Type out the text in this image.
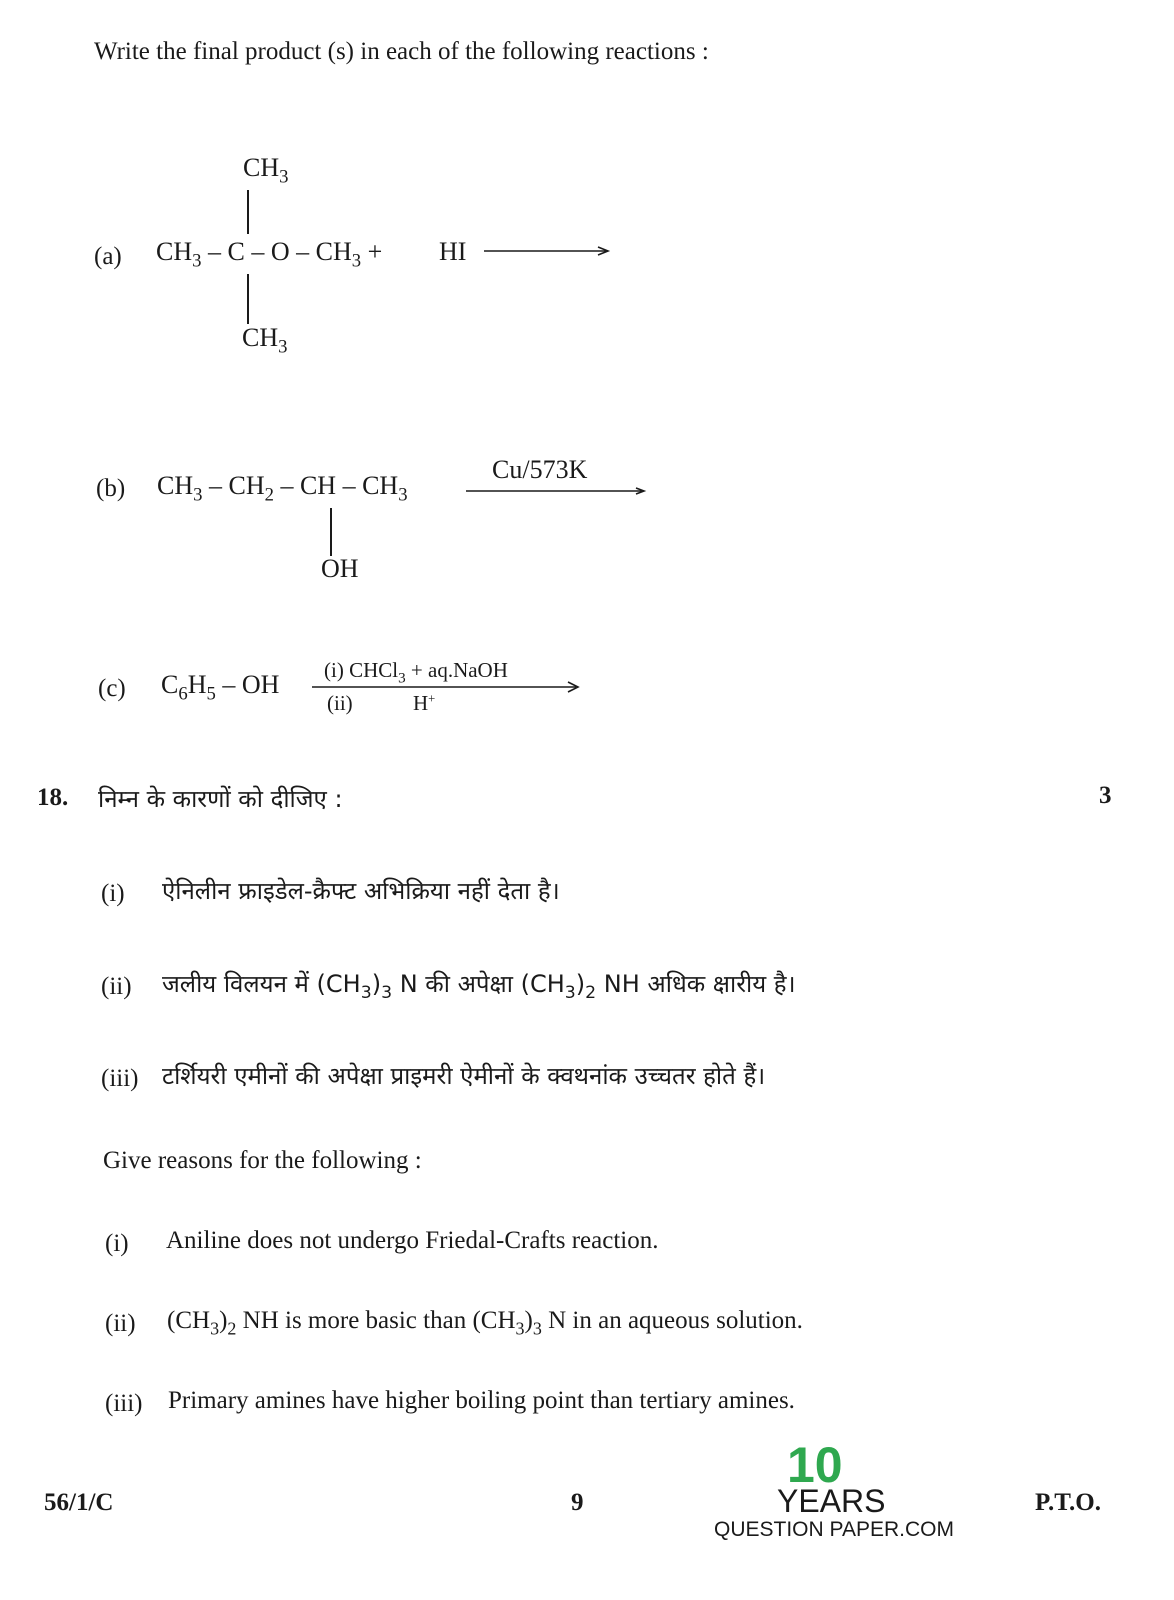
Write the final product (s) in each of the following reactions :
(a)
$CH_3$
$CH_3$ – C – O – $CH_3$ + HI
$CH_3$
(b) $CH_3 - CH_2$ – CH – $CH_3$
Cu/573K
OH
(c) $C_6H_5$ – OH (i) CHCl$_3$ + aq.NaOH
(ii)	H+
18. निम्न के कारणों को दीजिए :	3
(i) ऐनिलीन फ्राइडेल-क्रैफ्ट अभिक्रिया नहीं देता है।
(ii) जलीय विलयन में $(CH_3)_3$ N की अपेक्षा $(CH_3)_2$ NH अधिक क्षारीय है।
(iii) टर्शियरी एमीनों की अपेक्षा प्राइमरी ऐमीनों के क्वथनांक उच्चतर होते हैं।
Give reasons for the following :
(i) Aniline does not undergo Friedal-Crafts reaction.
(ii) $(CH_3)_2$ NH is more basic than $(CH_3)_3$ N in an aqueous solution.
(iii) Primary amines have higher boiling point than tertiary amines.
56/1/C	9	P.T.O.
10
YEARS
QUESTION PAPER.COM
